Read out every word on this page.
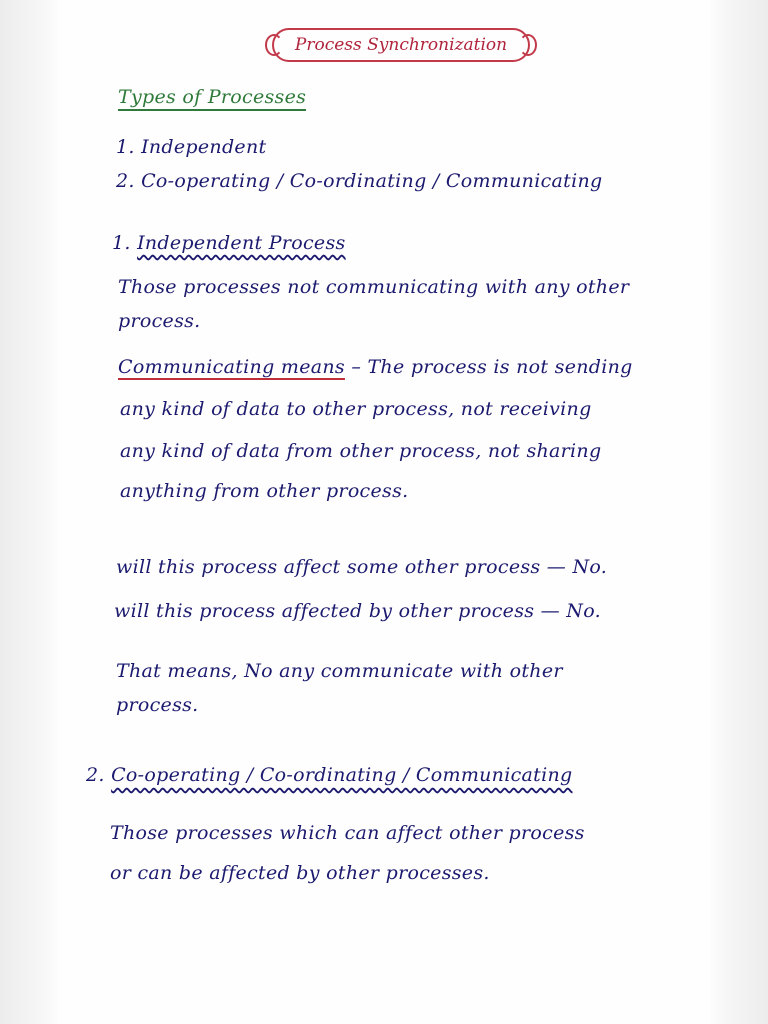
Process Synchronization
Types of Processes
1. Independent
2. Co-operating / Co-ordinating / Communicating
1. Independent Process
Those processes not communicating with any other
process.
Communicating means – The process is not sending
any kind of data to other process, not receiving
any kind of data from other process, not sharing
anything from other process.
will this process affect some other process — No.
will this process affected by other process — No.
That means, No any communicate with other
process.
2. Co-operating / Co-ordinating / Communicating
Those processes which can affect other process
or can be affected by other processes.
